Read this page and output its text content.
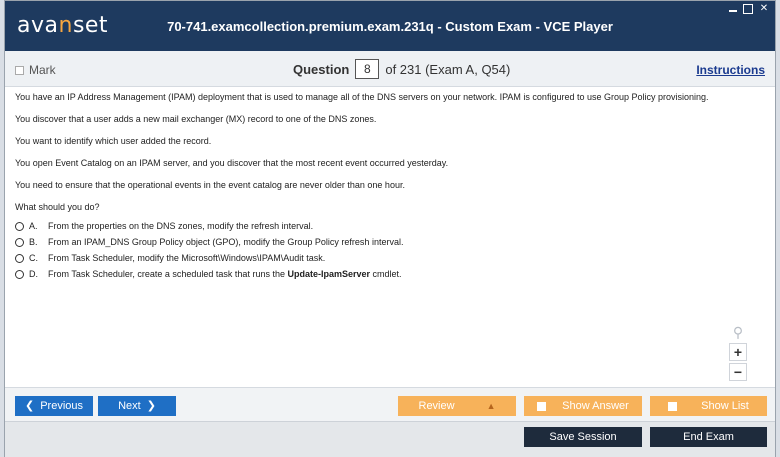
avanset	70-741.examcollection.premium.exam.231q - Custom Exam - VCE Player
✕
Mark	Question	8	of 231 (Exam A, Q54)	Instructions
You have an IP Address Management (IPAM) deployment that is used to manage all of the DNS servers on your network. IPAM is configured to use Group Policy provisioning.
You discover that a user adds a new mail exchanger (MX) record to one of the DNS zones.
You want to identify which user added the record.
You open Event Catalog on an IPAM server, and you discover that the most recent event occurred yesterday.
You need to ensure that the operational events in the event catalog are never older than one hour.
What should you do?
A.	From the properties on the DNS zones, modify the refresh interval.
B.	From an IPAM_DNS Group Policy object (GPO), modify the Group Policy refresh interval.
C.	From Task Scheduler, modify the Microsoft\Windows\IPAM\Audit task.
D.	From Task Scheduler, create a scheduled task that runs the Update-IpamServer cmdlet.
⚲
+
−
❮ Previous	Next ❯	Review	▲	Show Answer	Show List
Save Session	End Exam
